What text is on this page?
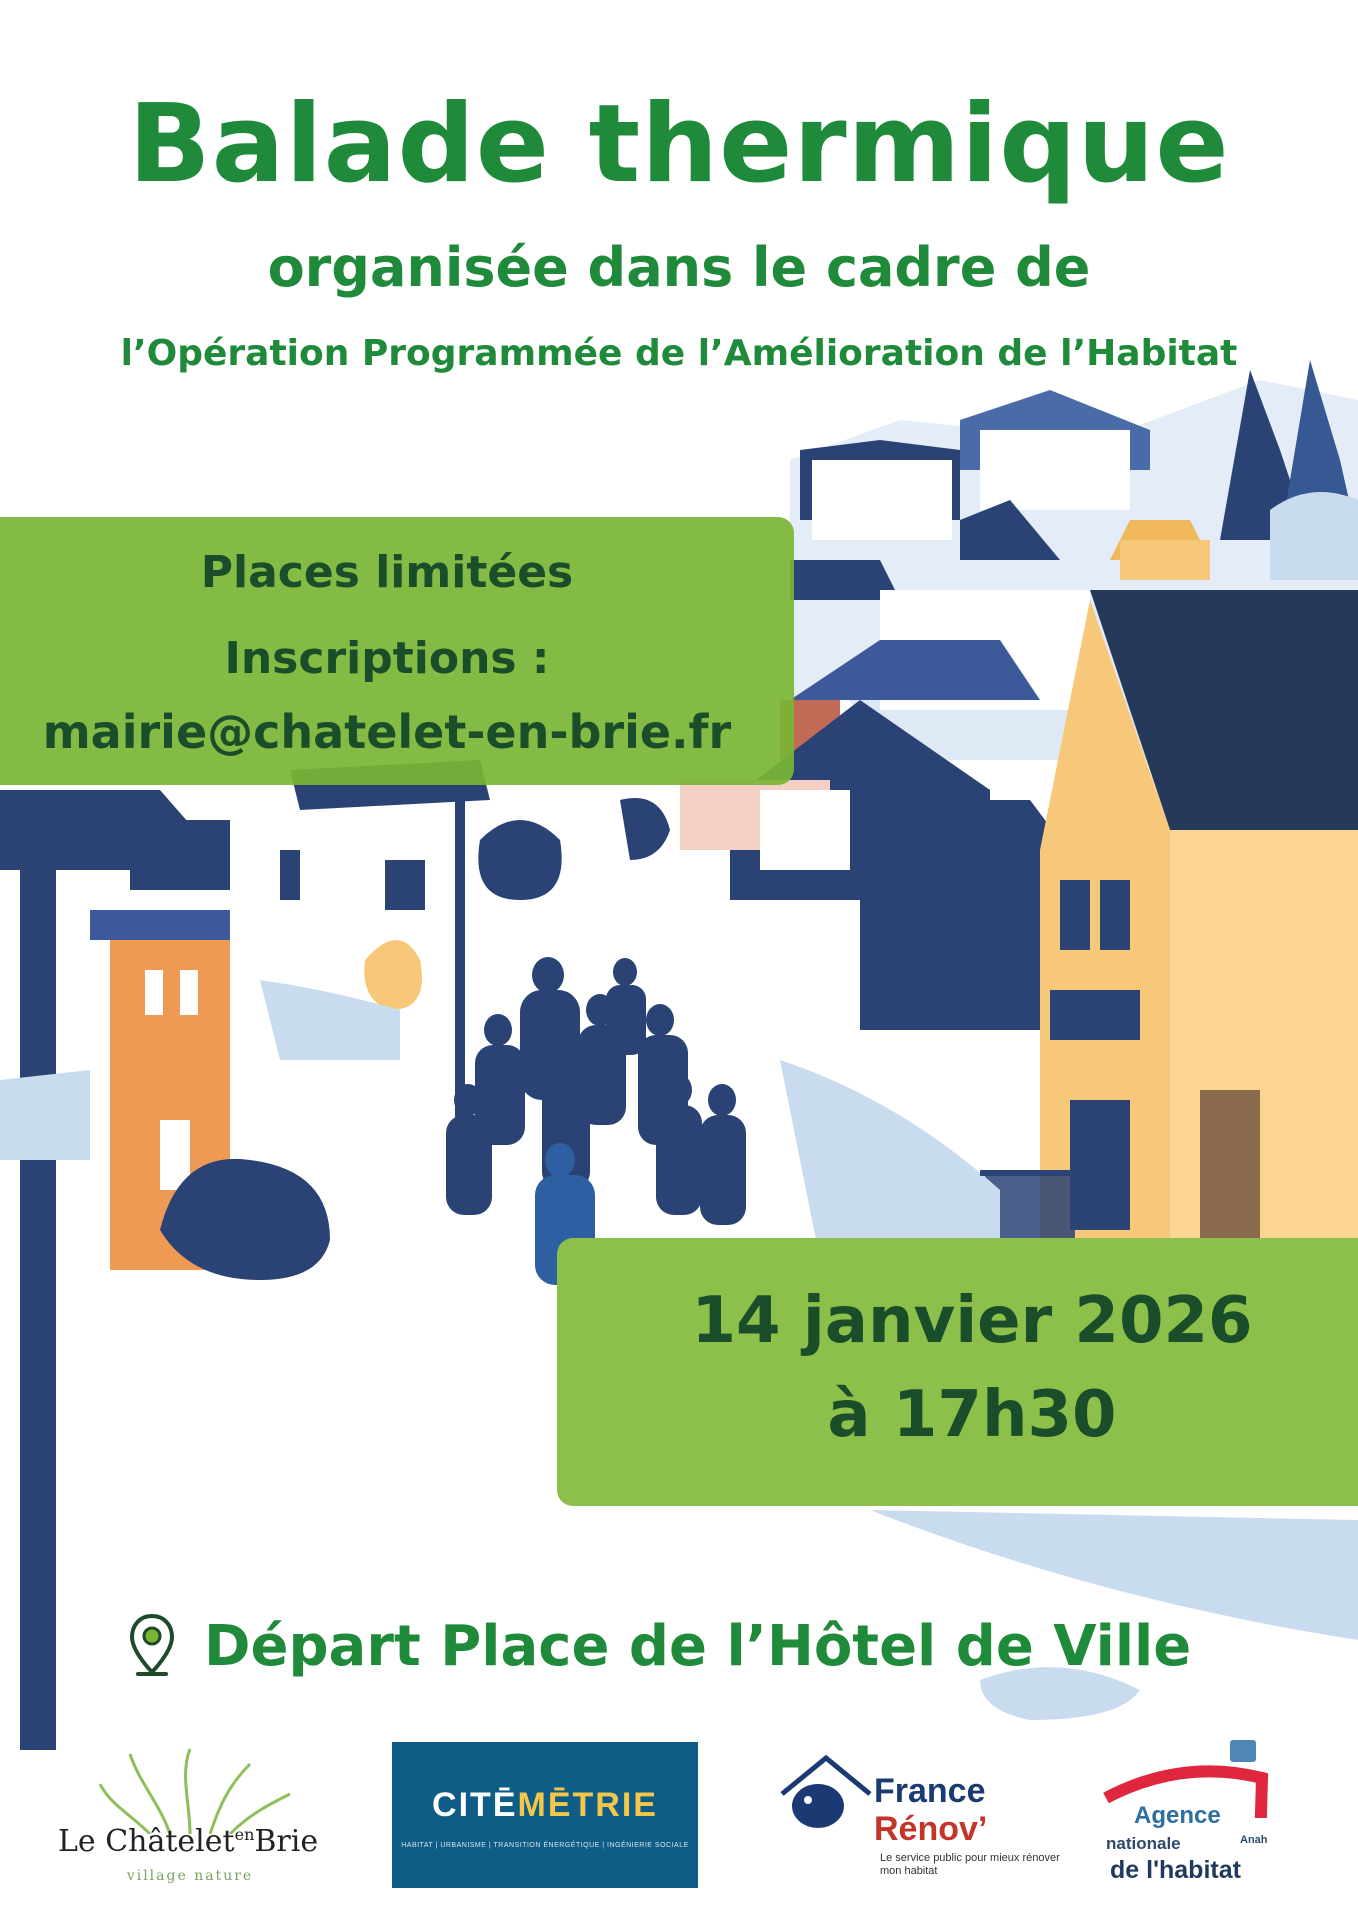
Balade thermique
organisée dans le cadre de
l’Opération Programmée de l’Amélioration de l’Habitat
Places limitées
Inscriptions :
mairie@chatelet-en-brie.fr
14 janvier 2026
à 17h30
Départ Place de l’Hôtel de Ville
Le Châtelet$^{en}$Brie
village nature
CITĒMĒTRIE
HABITAT | URBANISME | TRANSITION ÉNERGÉTIQUE | INGÉNIERIE SOCIALE
France
Rénov’
Le service public pour mieux rénover mon habitat
Agence
nationale	Anah
de l'habitat
